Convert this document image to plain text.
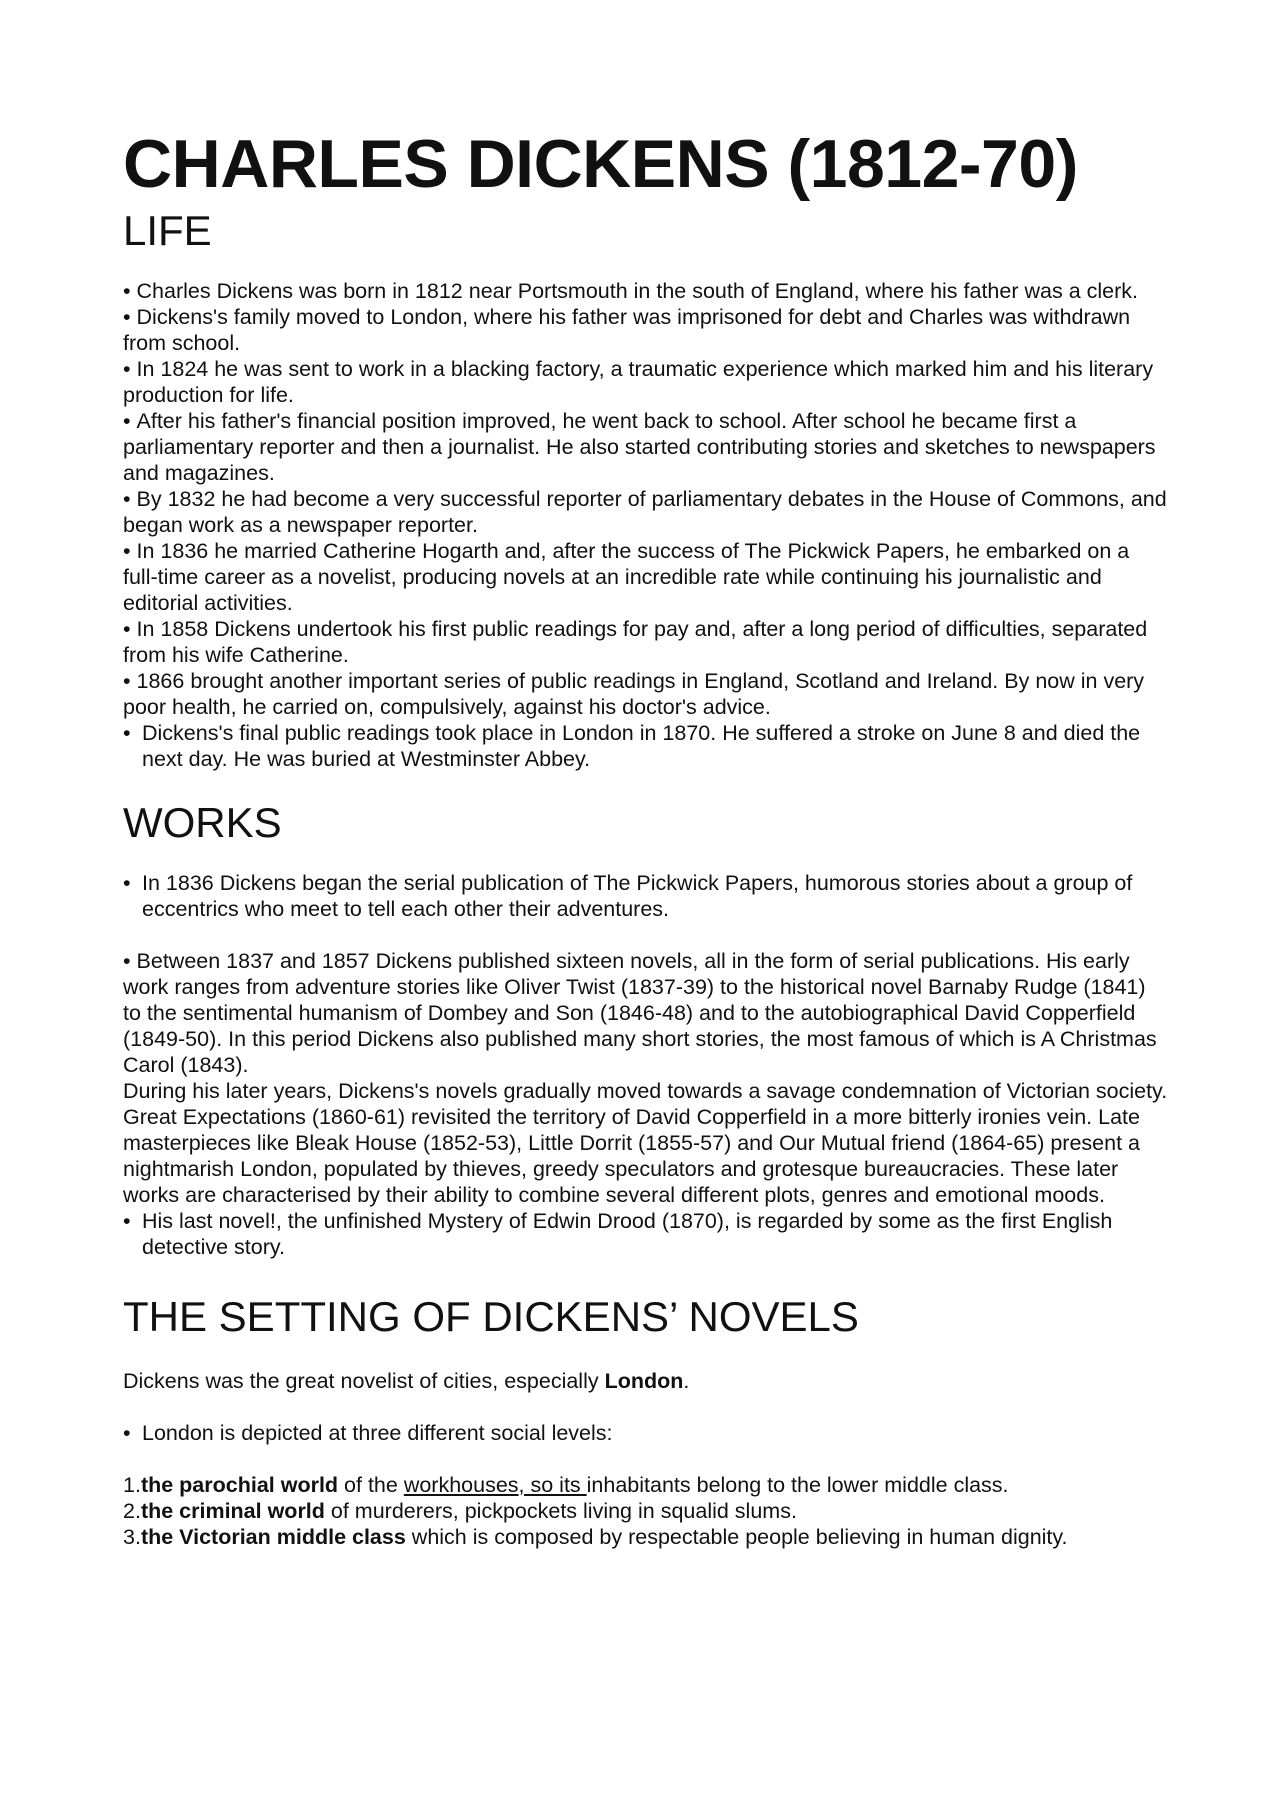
CHARLES DICKENS (1812-70)
LIFE

• Charles Dickens was born in 1812 near Portsmouth in the south of England, where his father was a clerk.

• Dickens's family moved to London, where his father was imprisoned for debt and Charles was withdrawn from school.

• In 1824 he was sent to work in a blacking factory, a traumatic experience which marked him and his literary production for life.

• After his father's financial position improved, he went back to school. After school he became first a parliamentary reporter and then a journalist. He also started contributing stories and sketches to newspapers and magazines.

• By 1832 he had become a very successful reporter of parliamentary debates in the House of Commons, and began work as a newspaper reporter.

• In 1836 he married Catherine Hogarth and, after the success of The Pickwick Papers, he embarked on a full-time career as a novelist, producing novels at an incredible rate while continuing his journalistic and editorial activities.

• In 1858 Dickens undertook his first public readings for pay and, after a long period of difficulties, separated from his wife Catherine.

• 1866 brought another important series of public readings in England, Scotland and Ireland. By now in very poor health, he carried on, compulsively, against his doctor's advice.

• Dickens's final public readings took place in London in 1870. He suffered a stroke on June 8 and died the next day. He was buried at Westminster Abbey.

WORKS

• In 1836 Dickens began the serial publication of The Pickwick Papers, humorous stories about a group of eccentrics who meet to tell each other their adventures.

• Between 1837 and 1857 Dickens published sixteen novels, all in the form of serial publications. His early work ranges from adventure stories like Oliver Twist (1837-39) to the historical novel Barnaby Rudge (1841) to the sentimental humanism of Dombey and Son (1846-48) and to the autobiographical David Copperfield (1849-50). In this period Dickens also published many short stories, the most famous of which is A Christmas Carol (1843).

During his later years, Dickens's novels gradually moved towards a savage condemnation of Victorian society. Great Expectations (1860-61) revisited the territory of David Copperfield in a more bitterly ironies vein. Late masterpieces like Bleak House (1852-53), Little Dorrit (1855-57) and Our Mutual friend (1864-65) present a nightmarish London, populated by thieves, greedy speculators and grotesque bureaucracies. These later works are characterised by their ability to combine several different plots, genres and emotional moods.

• His last novel!, the unfinished Mystery of Edwin Drood (1870), is regarded by some as the first English detective story.

THE SETTING OF DICKENS’ NOVELS

Dickens was the great novelist of cities, especially London.

• London is depicted at three different social levels:

1.the parochial world of the workhouses, so its inhabitants belong to the lower middle class.

2.the criminal world of murderers, pickpockets living in squalid slums.

3.the Victorian middle class which is composed by respectable people believing in human dignity.
